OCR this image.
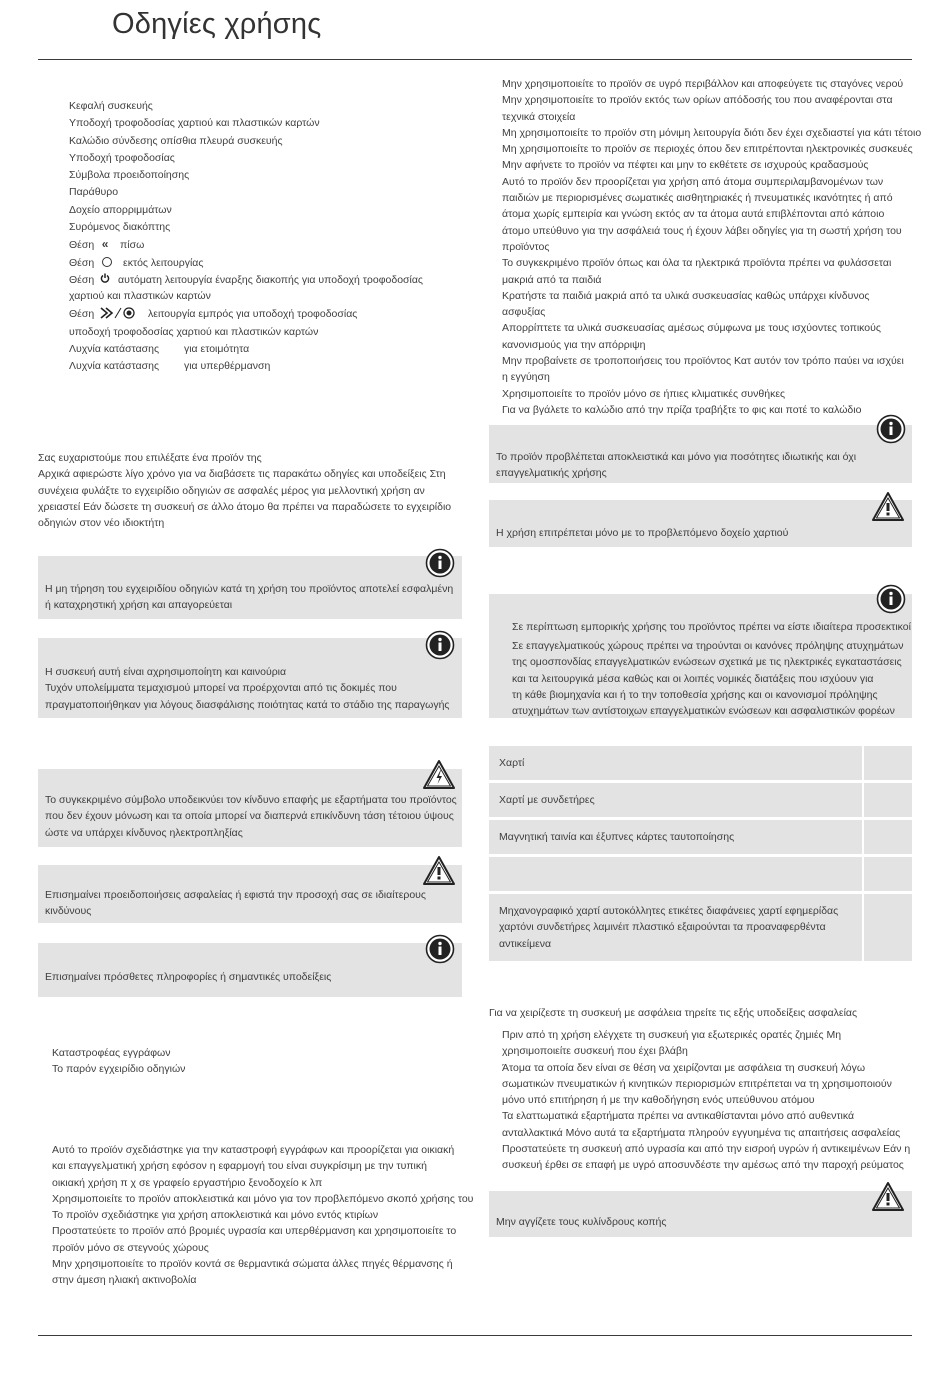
Οδηγίες χρήσης
Κεφαλή συσκευής
Υποδοχή τροφοδοσίας χαρτιού και πλαστικών καρτών
Καλώδιο σύνδεσης οπίσθια πλευρά συσκευής
Υποδοχή τροφοδοσίας
Σύμβολα προειδοποίησης
Παράθυρο
Δοχείο απορριμμάτων
Συρόμενος διακόπτης
Θέση « πίσω
Θέση	εκτός λειτουργίας
Θέση αυτόματη λειτουργία έναρξης διακοπής για υποδοχή τροφοδοσίας
χαρτιού και πλαστικών καρτών
Θέση	λειτουργία εμπρός για υποδοχή τροφοδοσίας
υποδοχή τροφοδοσίας χαρτιού και πλαστικών καρτών
Λυχνία κατάστασης για ετοιμότητα
Λυχνία κατάστασης για υπερθέρμανση
Σας ευχαριστούμε που επιλέξατε ένα προϊόν της
Αρχικά αφιερώστε λίγο χρόνο για να διαβάσετε τις παρακάτω οδηγίες και υποδείξεις Στη
συνέχεια φυλάξτε το εγχειρίδιο οδηγιών σε ασφαλές μέρος για μελλοντική χρήση αν
χρειαστεί Εάν δώσετε τη συσκευή σε άλλο άτομο θα πρέπει να παραδώσετε το εγχειρίδιο
οδηγιών στον νέο ιδιοκτήτη
Η μη τήρηση του εγχειριδίου οδηγιών κατά τη χρήση του προϊόντος αποτελεί εσφαλμένη
ή καταχρηστική χρήση και απαγορεύεται
Η συσκευή αυτή είναι αχρησιμοποίητη και καινούρια
Τυχόν υπολείμματα τεμαχισμού μπορεί να προέρχονται από τις δοκιμές που
πραγματοποιήθηκαν για λόγους διασφάλισης ποιότητας κατά το στάδιο της παραγωγής
Το συγκεκριμένο σύμβολο υποδεικνύει τον κίνδυνο επαφής με εξαρτήματα του προϊόντος
που δεν έχουν μόνωση και τα οποία μπορεί να διαπερνά επικίνδυνη τάση τέτοιου ύψους
ώστε να υπάρχει κίνδυνος ηλεκτροπληξίας
Επισημαίνει προειδοποιήσεις ασφαλείας ή εφιστά την προσοχή σας σε ιδιαίτερους
κινδύνους
Επισημαίνει πρόσθετες πληροφορίες ή σημαντικές υποδείξεις
Καταστροφέας εγγράφων
Το παρόν εγχειρίδιο οδηγιών
Αυτό το προϊόν σχεδιάστηκε για την καταστροφή εγγράφων και προορίζεται για οικιακή
και επαγγελματική χρήση εφόσον η εφαρμογή του είναι συγκρίσιμη με την τυπική
οικιακή χρήση π χ σε γραφείο εργαστήριο ξενοδοχείο κ λπ
Χρησιμοποιείτε το προϊόν αποκλειστικά και μόνο για τον προβλεπόμενο σκοπό χρήσης του
Το προϊόν σχεδιάστηκε για χρήση αποκλειστικά και μόνο εντός κτιρίων
Προστατεύετε το προϊόν από βρομιές υγρασία και υπερθέρμανση και χρησιμοποιείτε το
προϊόν μόνο σε στεγνούς χώρους
Μην χρησιμοποιείτε το προϊόν κοντά σε θερμαντικά σώματα άλλες πηγές θέρμανσης ή
στην άμεση ηλιακή ακτινοβολία
Μην χρησιμοποιείτε το προϊόν σε υγρό περιβάλλον και αποφεύγετε τις σταγόνες νερού
Μην χρησιμοποιείτε το προϊόν εκτός των ορίων απόδοσής του που αναφέρονται στα
τεχνικά στοιχεία
Μη χρησιμοποιείτε το προϊόν στη μόνιμη λειτουργία διότι δεν έχει σχεδιαστεί για κάτι τέτοιο
Μη χρησιμοποιείτε το προϊόν σε περιοχές όπου δεν επιτρέπονται ηλεκτρονικές συσκευές
Μην αφήνετε το προϊόν να πέφτει και μην το εκθέτετε σε ισχυρούς κραδασμούς
Αυτό το προϊόν δεν προορίζεται για χρήση από άτομα συμπεριλαμβανομένων των
παιδιών με περιορισμένες σωματικές αισθητηριακές ή πνευματικές ικανότητες ή από
άτομα χωρίς εμπειρία και γνώση εκτός αν τα άτομα αυτά επιβλέπονται από κάποιο
άτομο υπεύθυνο για την ασφάλειά τους ή έχουν λάβει οδηγίες για τη σωστή χρήση του
προϊόντος
Το συγκεκριμένο προϊόν όπως και όλα τα ηλεκτρικά προϊόντα πρέπει να φυλάσσεται
μακριά από τα παιδιά
Κρατήστε τα παιδιά μακριά από τα υλικά συσκευασίας καθώς υπάρχει κίνδυνος
ασφυξίας
Απορρίπτετε τα υλικά συσκευασίας αμέσως σύμφωνα με τους ισχύοντες τοπικούς
κανονισμούς για την απόρριψη
Μην προβαίνετε σε τροποποιήσεις του προϊόντος Κατ αυτόν τον τρόπο παύει να ισχύει
η εγγύηση
Χρησιμοποιείτε το προϊόν μόνο σε ήπιες κλιματικές συνθήκες
Για να βγάλετε το καλώδιο από την πρίζα τραβήξτε το φις και ποτέ το καλώδιο
Το προϊόν προβλέπεται αποκλειστικά και μόνο για ποσότητες ιδιωτικής και όχι
επαγγελματικής χρήσης
Η χρήση επιτρέπεται μόνο με το προβλεπόμενο δοχείο χαρτιού
Σε περίπτωση εμπορικής χρήσης του προϊόντος πρέπει να είστε ιδιαίτερα προσεκτικοί
Σε επαγγελματικούς χώρους πρέπει να τηρούνται οι κανόνες πρόληψης ατυχημάτων
της ομοσπονδίας επαγγελματικών ενώσεων σχετικά με τις ηλεκτρικές εγκαταστάσεις
και τα λειτουργικά μέσα καθώς και οι λοιπές νομικές διατάξεις που ισχύουν για
τη κάθε βιομηχανία και ή το την τοποθεσία χρήσης και οι κανονισμοί πρόληψης
ατυχημάτων των αντίστοιχων επαγγελματικών ενώσεων και ασφαλιστικών φορέων
Χαρτί
Χαρτί με συνδετήρες
Μαγνητική ταινία και έξυπνες κάρτες ταυτοποίησης
Μηχανογραφικό χαρτί αυτοκόλλητες ετικέτες διαφάνειες χαρτί εφημερίδας
χαρτόνι συνδετήρες λαμινέιτ πλαστικό εξαιρούνται τα προαναφερθέντα
αντικείμενα
Για να χειρίζεστε τη συσκευή με ασφάλεια τηρείτε τις εξής υποδείξεις ασφαλείας
Πριν από τη χρήση ελέγχετε τη συσκευή για εξωτερικές ορατές ζημιές Μη
χρησιμοποιείτε συσκευή που έχει βλάβη
Άτομα τα οποία δεν είναι σε θέση να χειρίζονται με ασφάλεια τη συσκευή λόγω
σωματικών πνευματικών ή κινητικών περιορισμών επιτρέπεται να τη χρησιμοποιούν
μόνο υπό επιτήρηση ή με την καθοδήγηση ενός υπεύθυνου ατόμου
Τα ελαττωματικά εξαρτήματα πρέπει να αντικαθίστανται μόνο από αυθεντικά
ανταλλακτικά Μόνο αυτά τα εξαρτήματα πληρούν εγγυημένα τις απαιτήσεις ασφαλείας
Προστατεύετε τη συσκευή από υγρασία και από την εισροή υγρών ή αντικειμένων Εάν η
συσκευή έρθει σε επαφή με υγρό αποσυνδέστε την αμέσως από την παροχή ρεύματος
Μην αγγίζετε τους κυλίνδρους κοπής
